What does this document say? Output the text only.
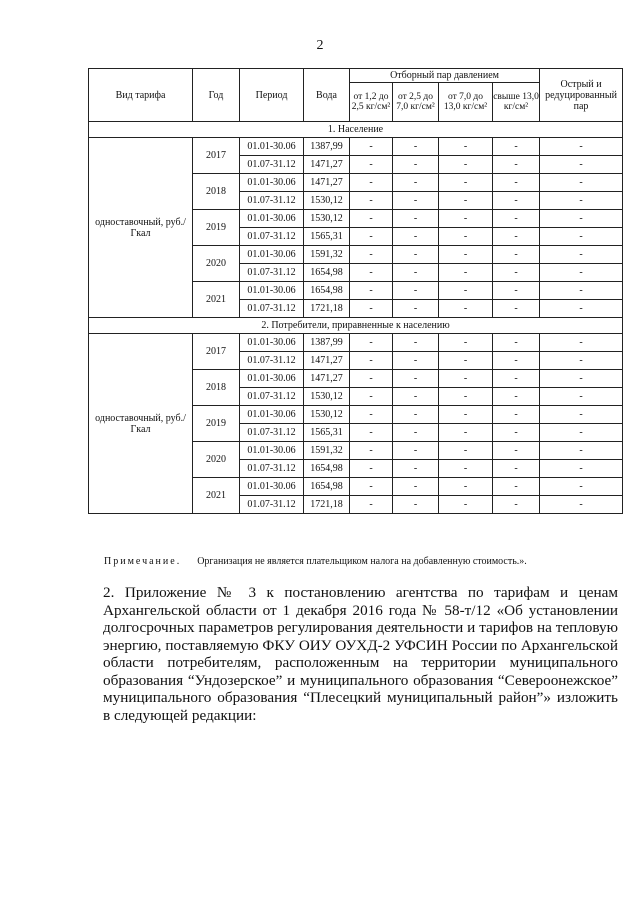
2
Вид тарифа	Год	Период	Вода	Отборный пар давлением				Острый и редуцированный пар
				от 1,2 до 2,5 кг/см²	от 2,5 до 7,0 кг/см²	от 7,0 до 13,0 кг/см²	свыше 13,0 кг/см²	
1. Население								
одноставочный, руб./Гкал	2017	01.01-30.06	1387,99	-	-	-	-	-
		01.07-31.12	1471,27	-	-	-	-	-
	2018	01.01-30.06	1471,27	-	-	-	-	-
		01.07-31.12	1530,12	-	-	-	-	-
	2019	01.01-30.06	1530,12	-	-	-	-	-
		01.07-31.12	1565,31	-	-	-	-	-
	2020	01.01-30.06	1591,32	-	-	-	-	-
		01.07-31.12	1654,98	-	-	-	-	-
	2021	01.01-30.06	1654,98	-	-	-	-	-
		01.07-31.12	1721,18	-	-	-	-	-
2. Потребители, приравненные к населению								
одноставочный, руб./Гкал	2017	01.01-30.06	1387,99	-	-	-	-	-
		01.07-31.12	1471,27	-	-	-	-	-
	2018	01.01-30.06	1471,27	-	-	-	-	-
		01.07-31.12	1530,12	-	-	-	-	-
	2019	01.01-30.06	1530,12	-	-	-	-	-
		01.07-31.12	1565,31	-	-	-	-	-
	2020	01.01-30.06	1591,32	-	-	-	-	-
		01.07-31.12	1654,98	-	-	-	-	-
	2021	01.01-30.06	1654,98	-	-	-	-	-
		01.07-31.12	1721,18	-	-	-	-	-
Примечание. Организация не является плательщиком налога на добавленную стоимость.».
2. Приложение № 3 к постановлению агентства по тарифам и ценам Архангельской области от 1 декабря 2016 года № 58-т/12 «Об установлении долгосрочных параметров регулирования деятельности и тарифов на тепловую энергию, поставляемую ФКУ ОИУ ОУХД-2 УФСИН России по Архангельской области потребителям, расположенным на территории муниципального образования “Ундозерское” и муниципального образования “Североонежское” муниципального образования “Плесецкий муниципальный район”» изложить в следующей редакции:
